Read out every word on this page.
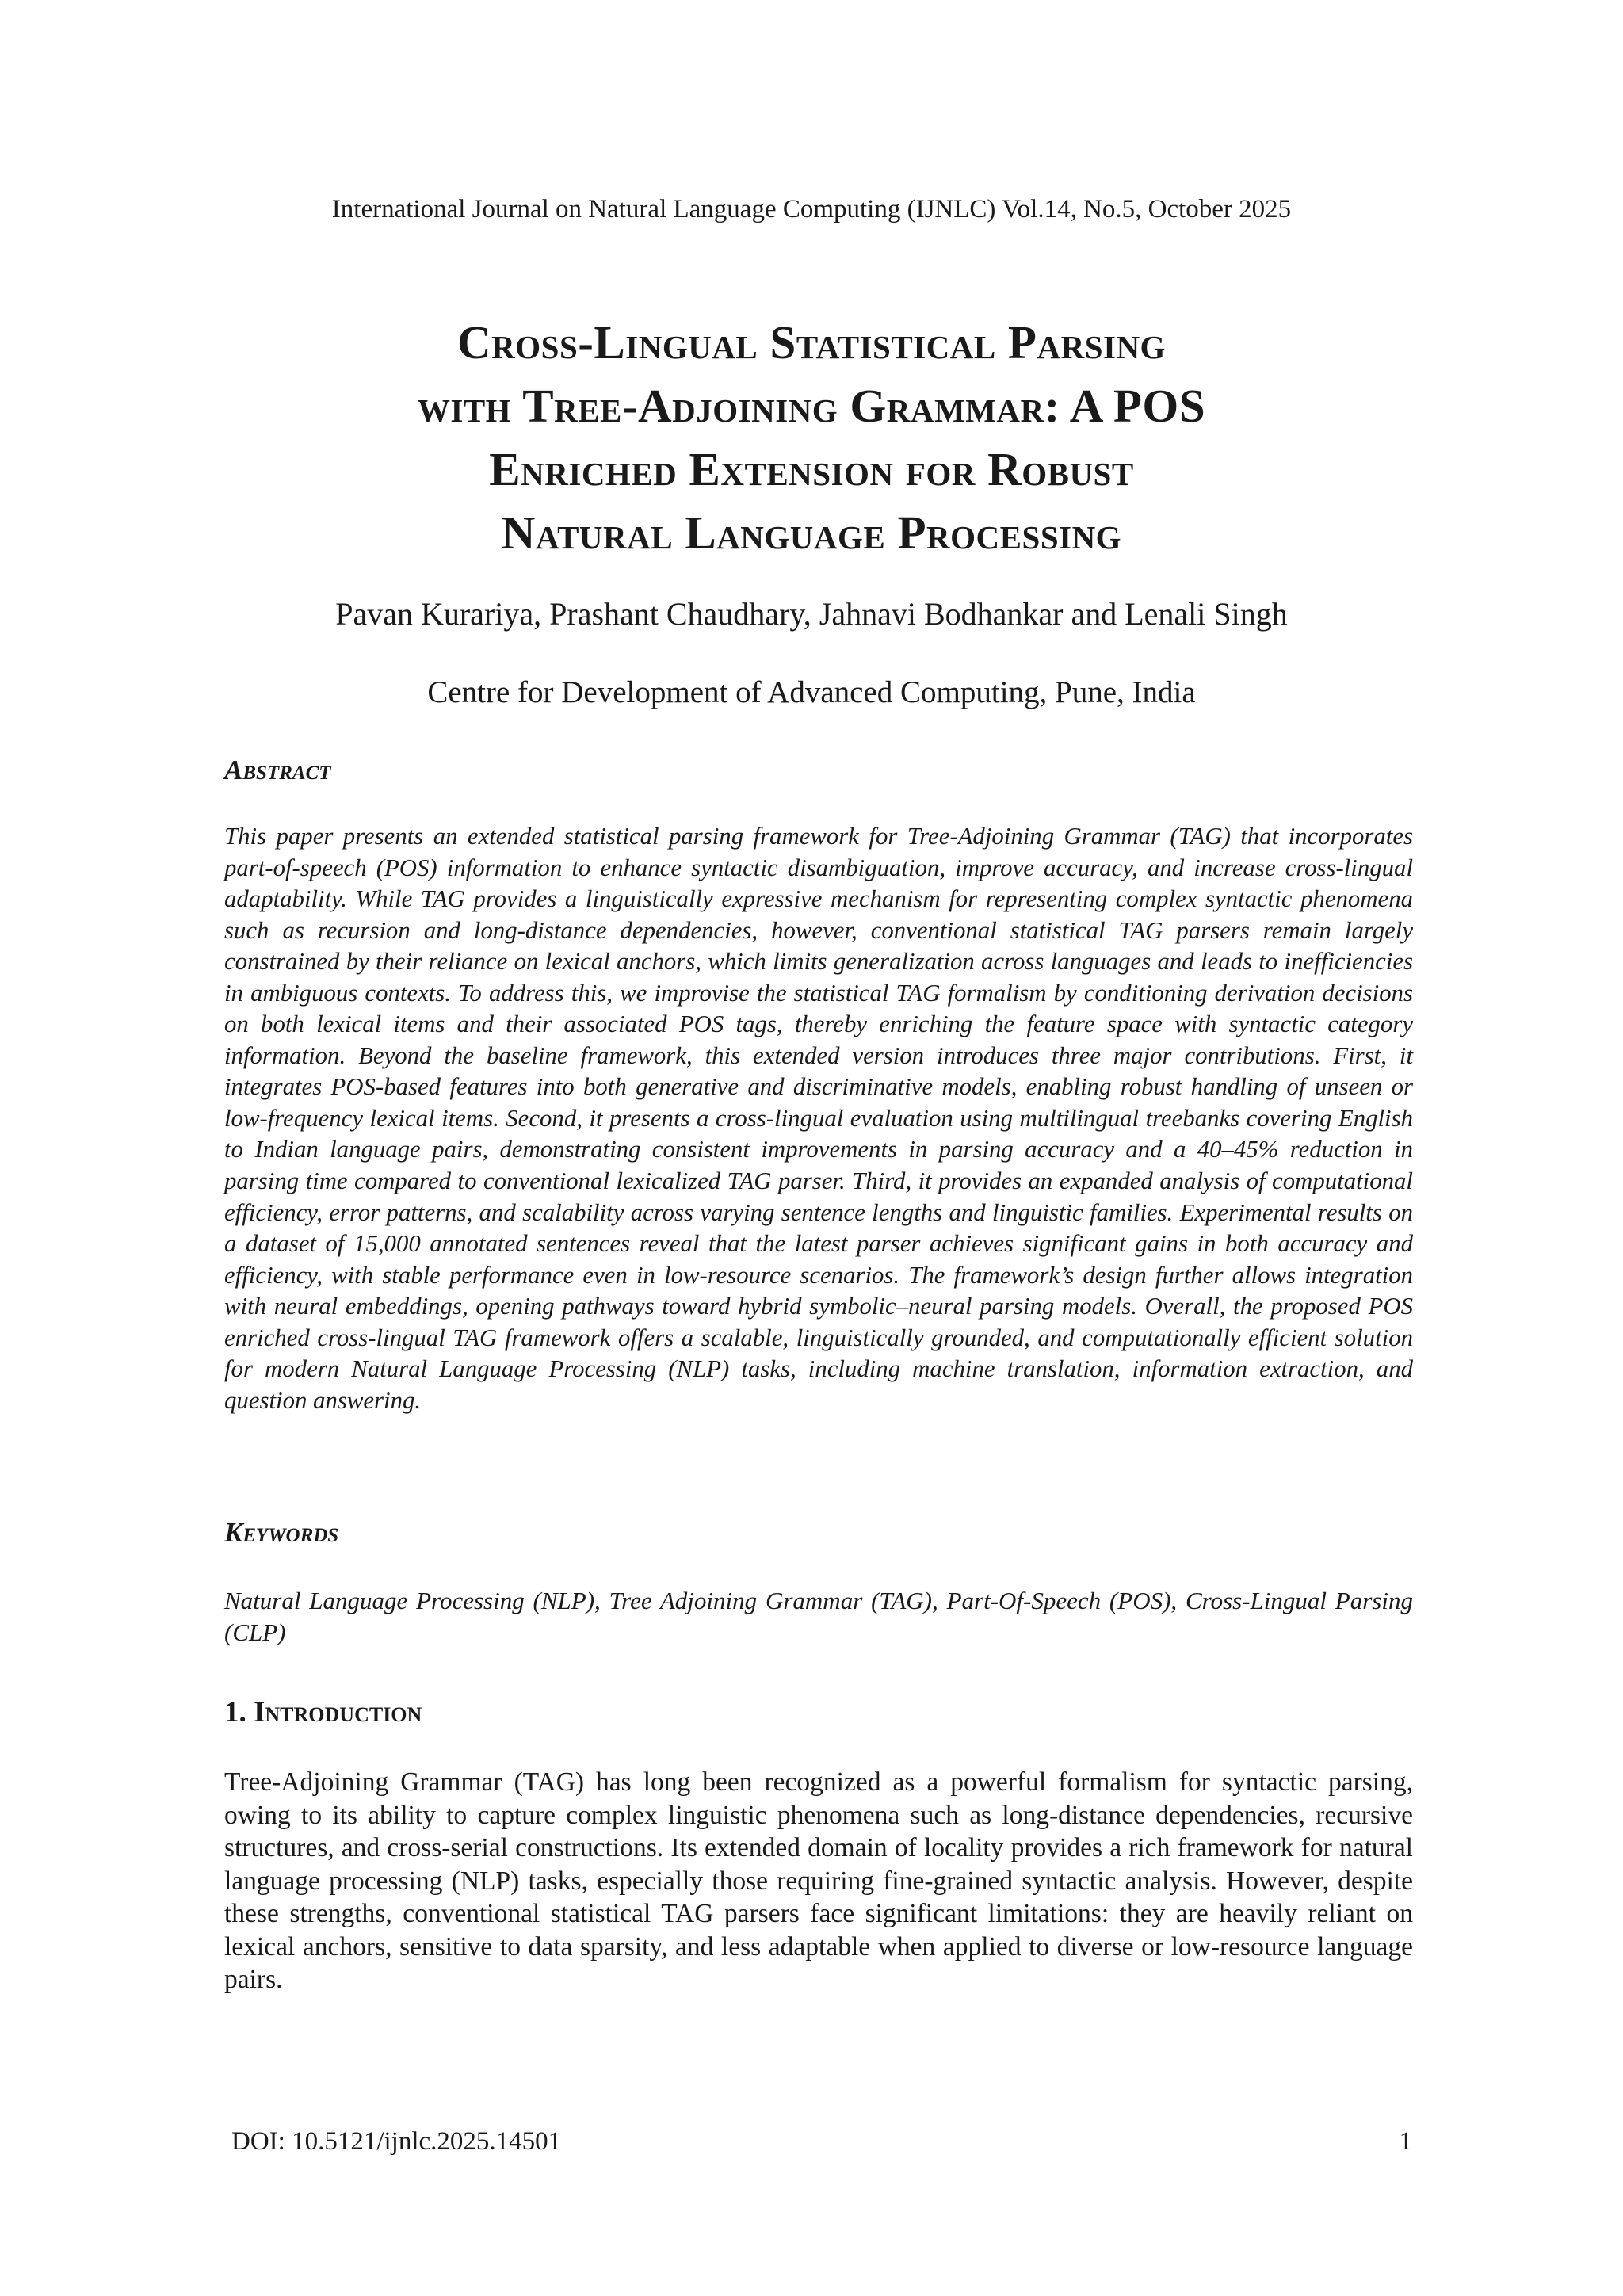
International Journal on Natural Language Computing (IJNLC) Vol.14, No.5, October 2025
Cross-Lingual Statistical Parsing
with Tree-Adjoining Grammar: A POS
Enriched Extension for Robust
Natural Language Processing
Pavan Kurariya, Prashant Chaudhary, Jahnavi Bodhankar and Lenali Singh
Centre for Development of Advanced Computing, Pune, India
Abstract

This paper presents an extended statistical parsing framework for Tree-Adjoining Grammar (TAG) that incorporates part-of-speech (POS) information to enhance syntactic disambiguation, improve accuracy, and increase cross-lingual adaptability. While TAG provides a linguistically expressive mechanism for representing complex syntactic phenomena such as recursion and long-distance dependencies, however, conventional statistical TAG parsers remain largely constrained by their reliance on lexical anchors, which limits generalization across languages and leads to inefficiencies in ambiguous contexts. To address this, we improvise the statistical TAG formalism by conditioning derivation decisions on both lexical items and their associated POS tags, thereby enriching the feature space with syntactic category information. Beyond the baseline framework, this extended version introduces three major contributions. First, it integrates POS-based features into both generative and discriminative models, enabling robust handling of unseen or low-frequency lexical items. Second, it presents a cross-lingual evaluation using multilingual treebanks covering English to Indian language pairs, demonstrating consistent improvements in parsing accuracy and a 40–45% reduction in parsing time compared to conventional lexicalized TAG parser. Third, it provides an expanded analysis of computational efficiency, error patterns, and scalability across varying sentence lengths and linguistic families. Experimental results on a dataset of 15,000 annotated sentences reveal that the latest parser achieves significant gains in both accuracy and efficiency, with stable performance even in low-resource scenarios. The framework’s design further allows integration with neural embeddings, opening pathways toward hybrid symbolic–neural parsing models. Overall, the proposed POS enriched cross-lingual TAG framework offers a scalable, linguistically grounded, and computationally efficient solution for modern Natural Language Processing (NLP) tasks, including machine translation, information extraction, and question answering.

Keywords

Natural Language Processing (NLP), Tree Adjoining Grammar (TAG), Part-Of-Speech (POS), Cross-Lingual Parsing (CLP)

1. Introduction

Tree-Adjoining Grammar (TAG) has long been recognized as a powerful formalism for syntactic parsing, owing to its ability to capture complex linguistic phenomena such as long-distance dependencies, recursive structures, and cross-serial constructions. Its extended domain of locality provides a rich framework for natural language processing (NLP) tasks, especially those requiring fine-grained syntactic analysis. However, despite these strengths, conventional statistical TAG parsers face significant limitations: they are heavily reliant on lexical anchors, sensitive to data sparsity, and less adaptable when applied to diverse or low-resource language pairs.

DOI: 10.5121/ijnlc.2025.14501	1
